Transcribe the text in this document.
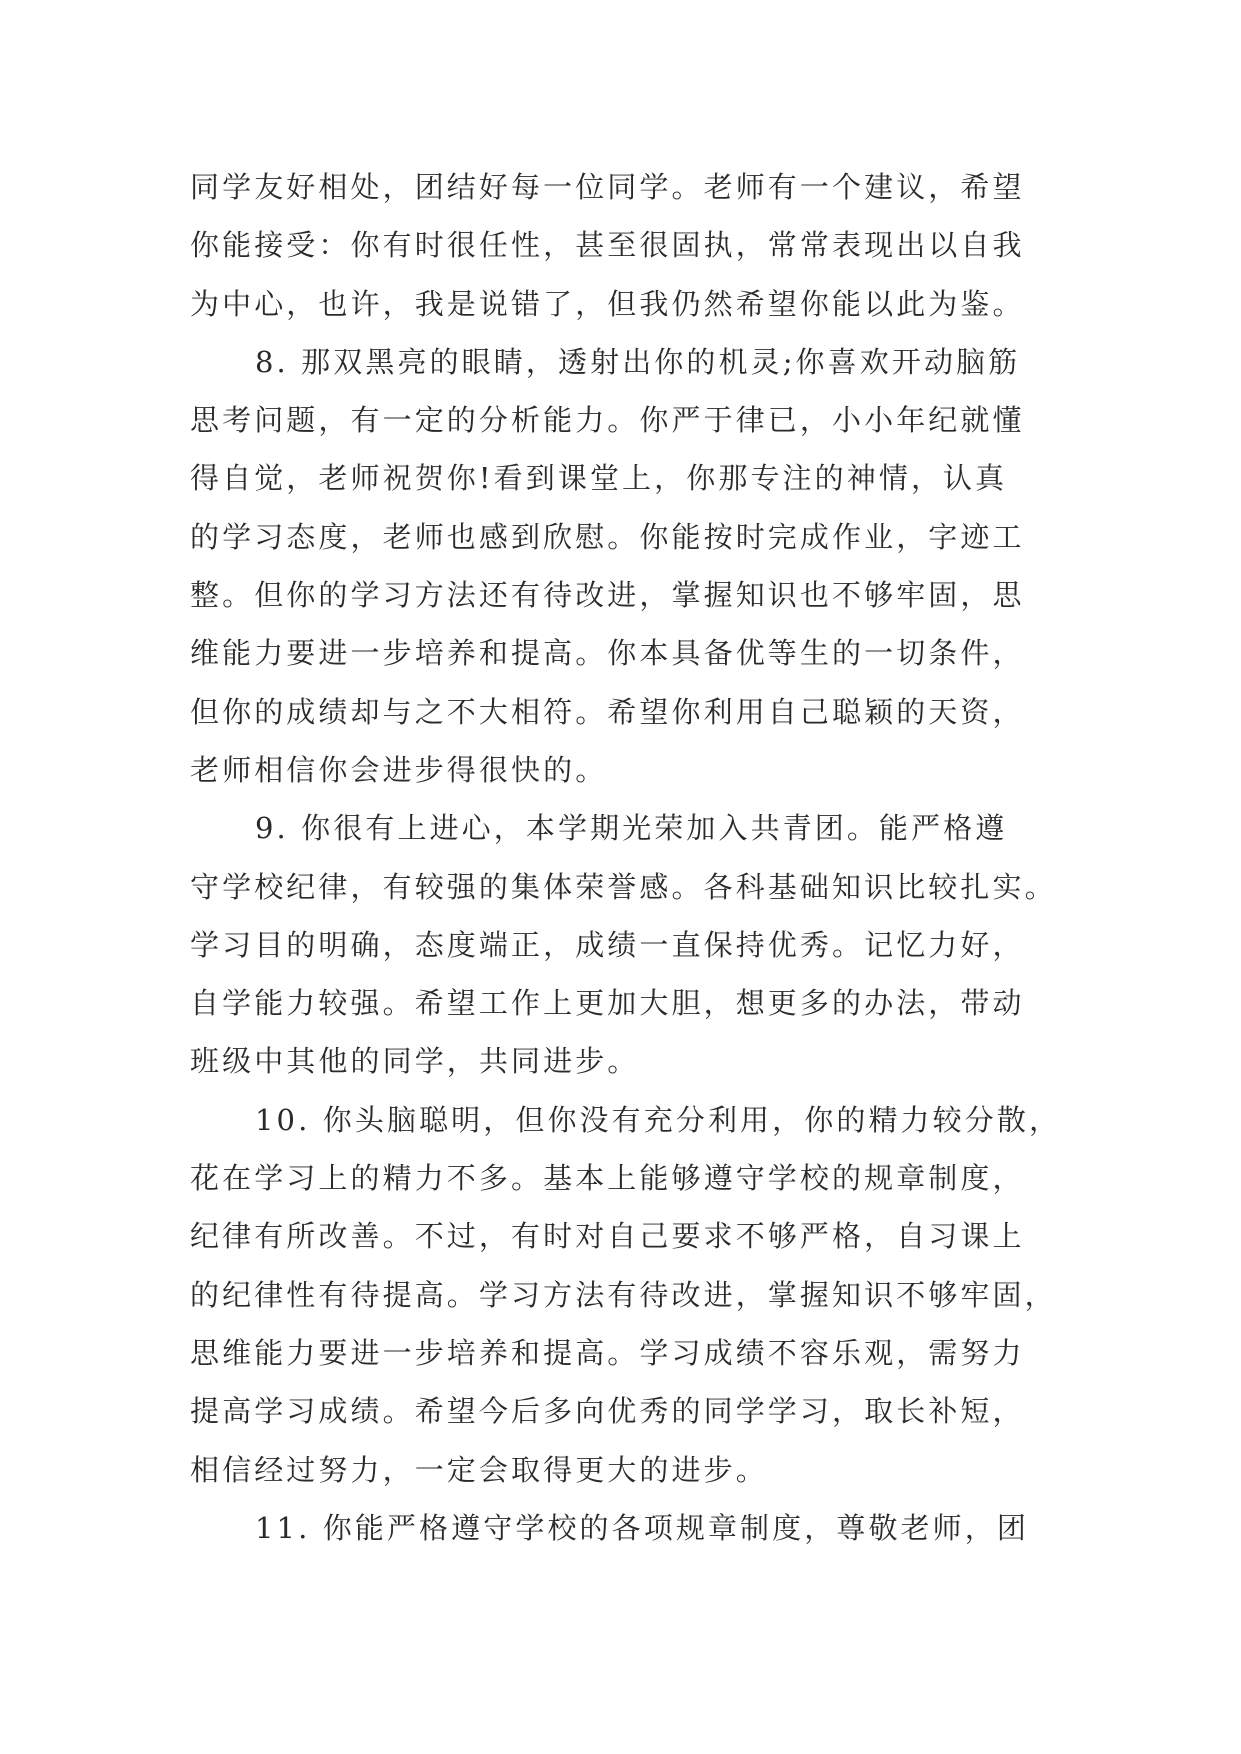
同学友好相处，团结好每一位同学。老师有一个建议，希望
你能接受：你有时很任性，甚至很固执，常常表现出以自我
为中心，也许，我是说错了，但我仍然希望你能以此为鉴。
8. 那双黑亮的眼睛，透射出你的机灵;你喜欢开动脑筋
思考问题，有一定的分析能力。你严于律已，小小年纪就懂
得自觉，老师祝贺你!看到课堂上，你那专注的神情，认真
的学习态度，老师也感到欣慰。你能按时完成作业，字迹工
整。但你的学习方法还有待改进，掌握知识也不够牢固，思
维能力要进一步培养和提高。你本具备优等生的一切条件，
但你的成绩却与之不大相符。希望你利用自己聪颖的天资，
老师相信你会进步得很快的。
9. 你很有上进心，本学期光荣加入共青团。能严格遵
守学校纪律，有较强的集体荣誉感。各科基础知识比较扎实。
学习目的明确，态度端正，成绩一直保持优秀。记忆力好，
自学能力较强。希望工作上更加大胆，想更多的办法，带动
班级中其他的同学，共同进步。
10. 你头脑聪明，但你没有充分利用，你的精力较分散，
花在学习上的精力不多。基本上能够遵守学校的规章制度，
纪律有所改善。不过，有时对自己要求不够严格，自习课上
的纪律性有待提高。学习方法有待改进，掌握知识不够牢固，
思维能力要进一步培养和提高。学习成绩不容乐观，需努力
提高学习成绩。希望今后多向优秀的同学学习，取长补短，
相信经过努力，一定会取得更大的进步。
11. 你能严格遵守学校的各项规章制度，尊敬老师，团
